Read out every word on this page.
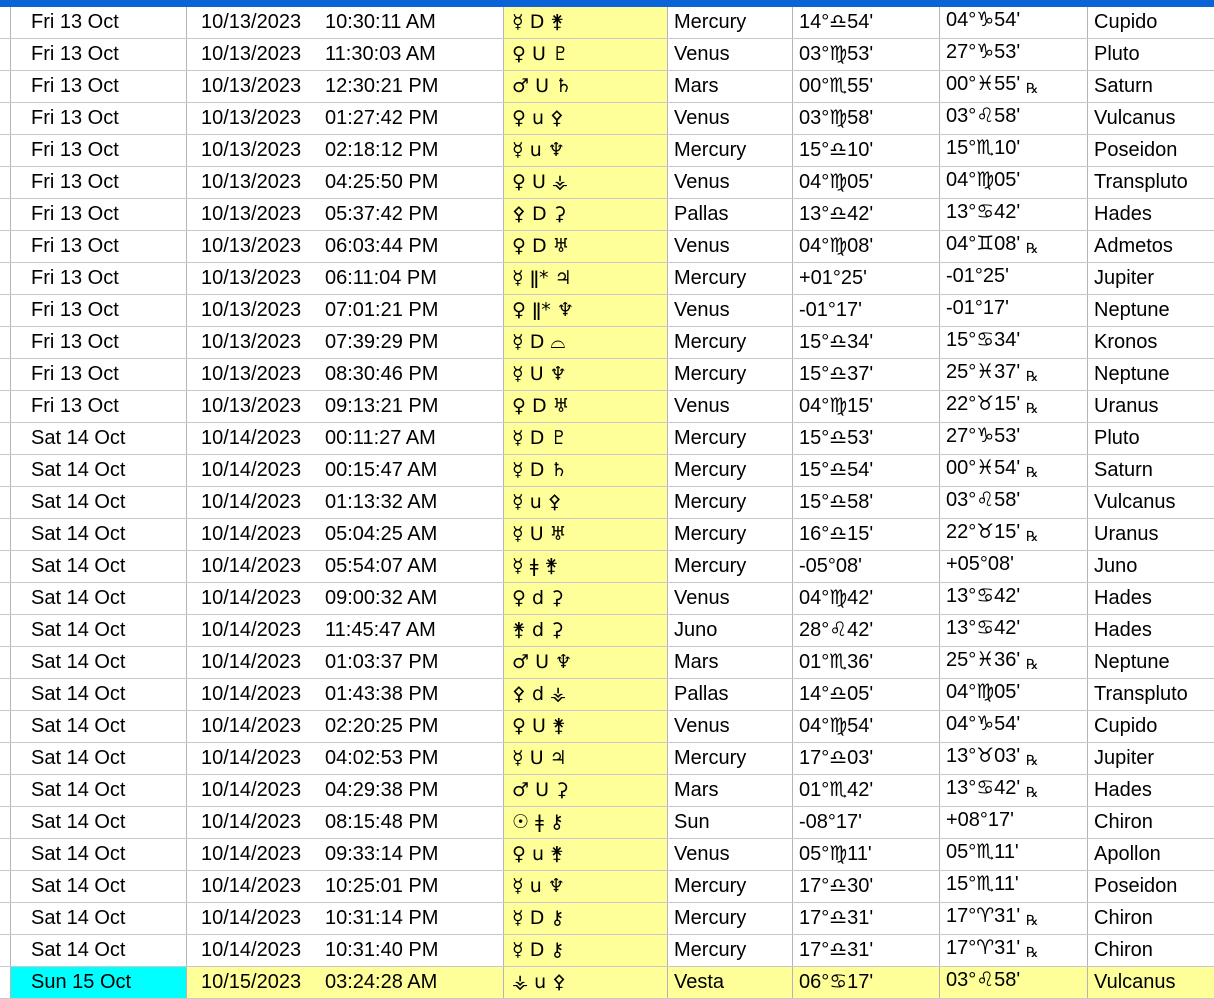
	Fri 13 Oct	10/13/2023 10:30:11 AM	☿ D ⚵	Mercury	14°♎54'	04°♑54'	Cupido
	Fri 13 Oct	10/13/2023 11:30:03 AM	♀ U ♇	Venus	03°♍53'	27°♑53'	Pluto
	Fri 13 Oct	10/13/2023 12:30:21 PM	♂ U ♄	Mars	00°♏55'	00°♓55' ℞	Saturn
	Fri 13 Oct	10/13/2023 01:27:42 PM	♀ u ⚴	Venus	03°♍58'	03°♌58'	Vulcanus
	Fri 13 Oct	10/13/2023 02:18:12 PM	☿ u ♆	Mercury	15°♎10'	15°♏10'	Poseidon
	Fri 13 Oct	10/13/2023 04:25:50 PM	♀ U ⚶	Venus	04°♍05'	04°♍05'	Transpluto
	Fri 13 Oct	10/13/2023 05:37:42 PM	⚴ D ⚳	Pallas	13°♎42'	13°♋42'	Hades
	Fri 13 Oct	10/13/2023 06:03:44 PM	♀ D ♅	Venus	04°♍08'	04°♊08' ℞	Admetos
	Fri 13 Oct	10/13/2023 06:11:04 PM	☿ ǁ* ♃	Mercury	+01°25'	-01°25'	Jupiter
	Fri 13 Oct	10/13/2023 07:01:21 PM	♀ ǁ* ♆	Venus	-01°17'	-01°17'	Neptune
	Fri 13 Oct	10/13/2023 07:39:29 PM	☿ D ⌓	Mercury	15°♎34'	15°♋34'	Kronos
	Fri 13 Oct	10/13/2023 08:30:46 PM	☿ U ♆	Mercury	15°♎37'	25°♓37' ℞	Neptune
	Fri 13 Oct	10/13/2023 09:13:21 PM	♀ D ♅	Venus	04°♍15'	22°♉15' ℞	Uranus
	Sat 14 Oct	10/14/2023 00:11:27 AM	☿ D ♇	Mercury	15°♎53'	27°♑53'	Pluto
	Sat 14 Oct	10/14/2023 00:15:47 AM	☿ D ♄	Mercury	15°♎54'	00°♓54' ℞	Saturn
	Sat 14 Oct	10/14/2023 01:13:32 AM	☿ u ⚴	Mercury	15°♎58'	03°♌58'	Vulcanus
	Sat 14 Oct	10/14/2023 05:04:25 AM	☿ U ♅	Mercury	16°♎15'	22°♉15' ℞	Uranus
	Sat 14 Oct	10/14/2023 05:54:07 AM	☿ ǂ ⚵	Mercury	-05°08'	+05°08'	Juno
	Sat 14 Oct	10/14/2023 09:00:32 AM	♀ d ⚳	Venus	04°♍42'	13°♋42'	Hades
	Sat 14 Oct	10/14/2023 11:45:47 AM	⚵ d ⚳	Juno	28°♌42'	13°♋42'	Hades
	Sat 14 Oct	10/14/2023 01:03:37 PM	♂ U ♆	Mars	01°♏36'	25°♓36' ℞	Neptune
	Sat 14 Oct	10/14/2023 01:43:38 PM	⚴ d ⚶	Pallas	14°♎05'	04°♍05'	Transpluto
	Sat 14 Oct	10/14/2023 02:20:25 PM	♀ U ⚵	Venus	04°♍54'	04°♑54'	Cupido
	Sat 14 Oct	10/14/2023 04:02:53 PM	☿ U ♃	Mercury	17°♎03'	13°♉03' ℞	Jupiter
	Sat 14 Oct	10/14/2023 04:29:38 PM	♂ U ⚳	Mars	01°♏42'	13°♋42' ℞	Hades
	Sat 14 Oct	10/14/2023 08:15:48 PM	☉ ǂ ⚷	Sun	-08°17'	+08°17'	Chiron
	Sat 14 Oct	10/14/2023 09:33:14 PM	♀ u ⚵	Venus	05°♍11'	05°♏11'	Apollon
	Sat 14 Oct	10/14/2023 10:25:01 PM	☿ u ♆	Mercury	17°♎30'	15°♏11'	Poseidon
	Sat 14 Oct	10/14/2023 10:31:14 PM	☿ D ⚷	Mercury	17°♎31'	17°♈31' ℞	Chiron
	Sat 14 Oct	10/14/2023 10:31:40 PM	☿ D ⚷	Mercury	17°♎31'	17°♈31' ℞	Chiron
	Sun 15 Oct	10/15/2023 03:24:28 AM	⚶ u ⚴	Vesta	06°♋17'	03°♌58'	Vulcanus
